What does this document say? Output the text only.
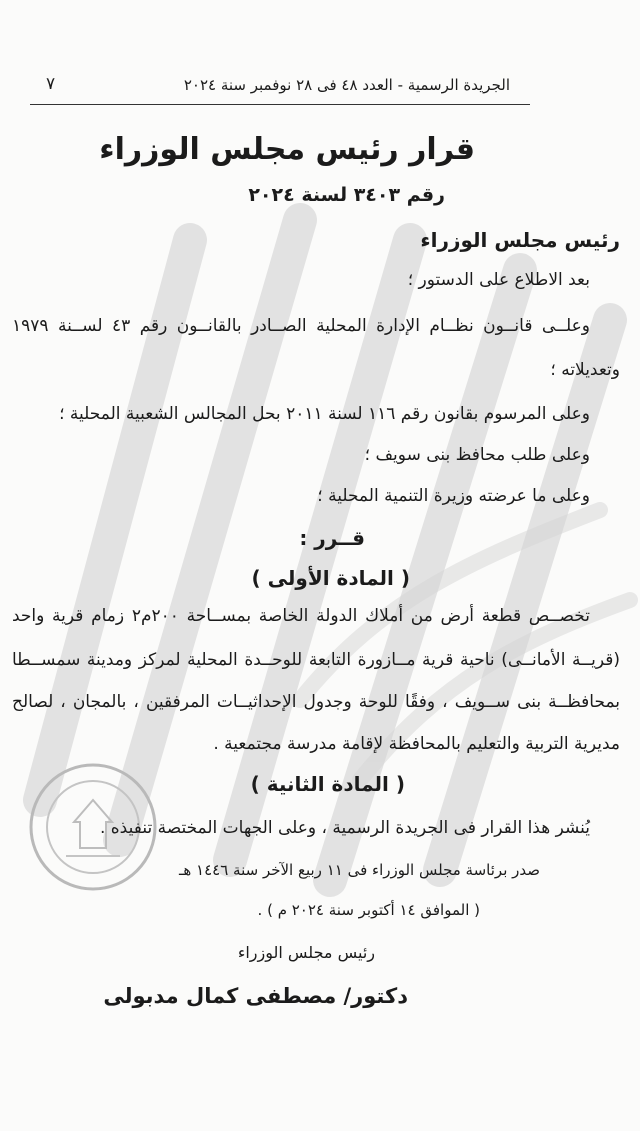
الجريدة الرسمية - العدد ٤٨ فى ٢٨ نوفمبر سنة ٢٠٢٤
٧
قرار رئيس مجلس الوزراء
رقم ٣٤٠٣ لسنة ٢٠٢٤
رئيس مجلس الوزراء
بعد الاطلاع على الدستور ؛
وعلــى قانــون نظــام الإدارة المحلية الصــادر بالقانــون رقم ٤٣ لســنة ١٩٧٩
وتعديلاته ؛
وعلى المرسوم بقانون رقم ١١٦ لسنة ٢٠١١ بحل المجالس الشعبية المحلية ؛
وعلى طلب محافظ بنى سويف ؛
وعلى ما عرضته وزيرة التنمية المحلية ؛
قــرر :
( المادة الأولى )
تخصــص قطعة أرض من أملاك الدولة الخاصة بمســاحة ٢٠٠م٢ زمام قرية واحد
(قريــة الأمانــى) ناحية قرية مــازورة التابعة للوحــدة المحلية لمركز ومدينة سمســطا
بمحافظــة بنى ســويف ، وفقًا للوحة وجدول الإحداثيــات المرفقين ، بالمجان ، لصالح
مديرية التربية والتعليم بالمحافظة لإقامة مدرسة مجتمعية .
( المادة الثانية )
يُنشر هذا القرار فى الجريدة الرسمية ، وعلى الجهات المختصة تنفيذه .
صدر برئاسة مجلس الوزراء فى ١١ ربيع الآخر سنة ١٤٤٦ هـ
( الموافق ١٤ أكتوبر سنة ٢٠٢٤ م ) .
رئيس مجلس الوزراء
دكتور/ مصطفى كمال مدبولى
